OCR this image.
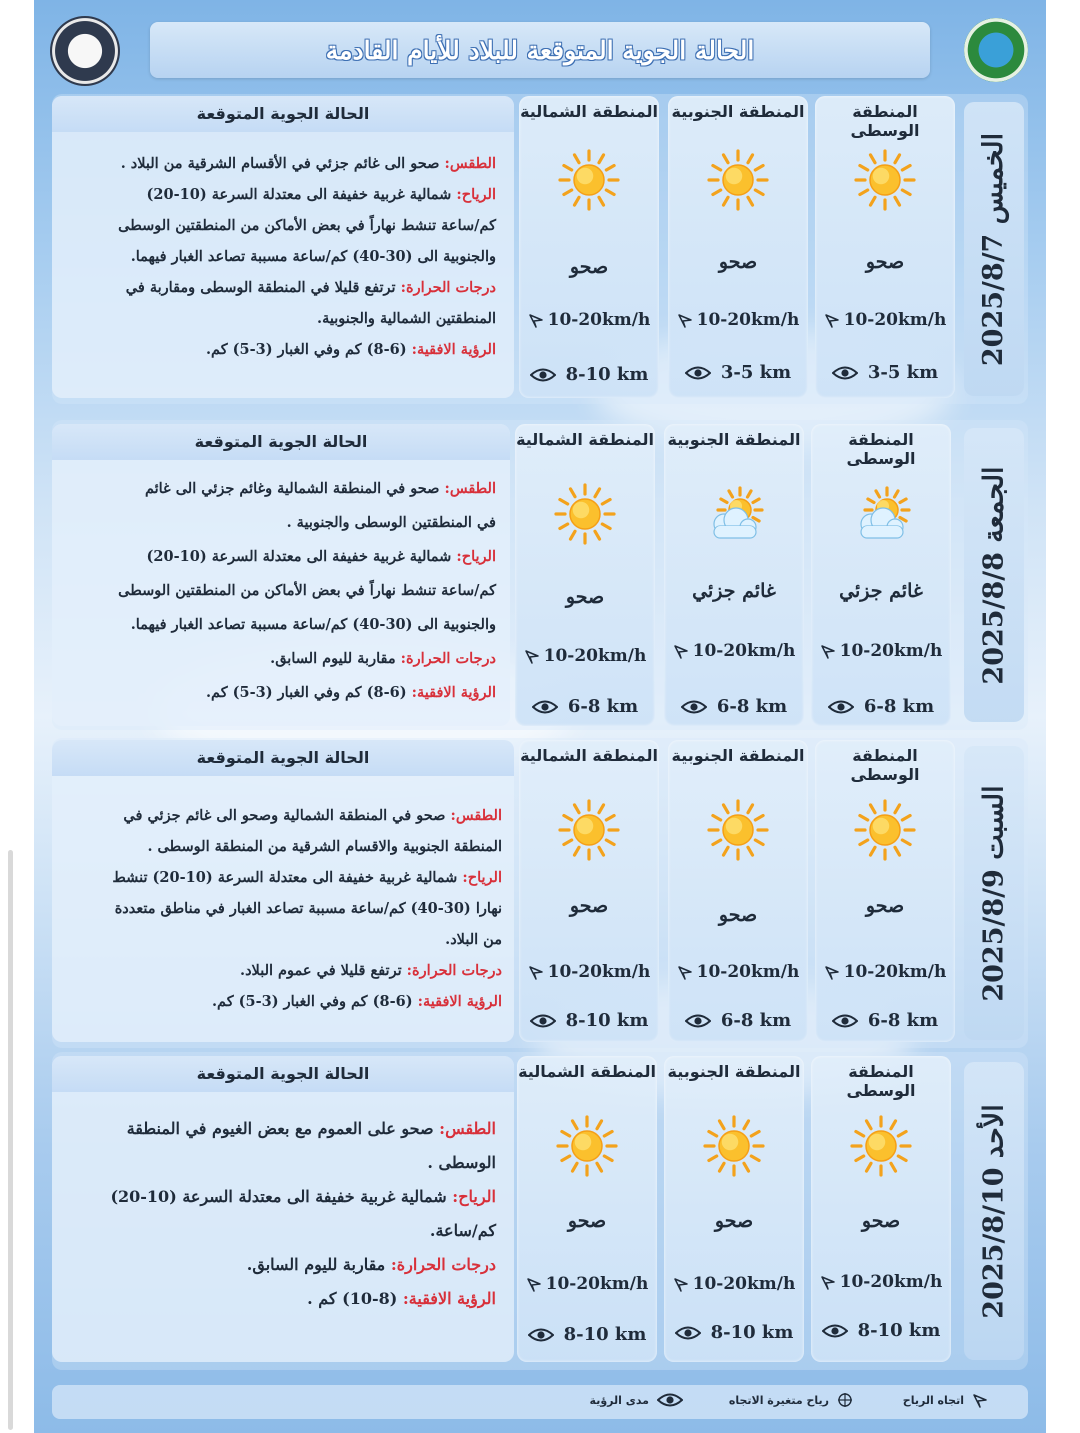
الحالة الجوية المتوقعة للبلاد للأيام القادمة
الخميس 2025/8/7
المنطقة الوسطى
صحو
10-20km/h
3-5 km
المنطقة الجنوبية
صحو
10-20km/h
3-5 km
المنطقة الشمالية
صحو
10-20km/h
8-10 km
الحالة الجوية المتوقعة
الطقس: صحو الى غائم جزئي في الأقسام الشرقية من البلاد .
الرياح: شمالية غربية خفيفة الى معتدلة السرعة (10-20)
كم/ساعة تنشط نهاراً في بعض الأماكن من المنطقتين الوسطى
والجنوبية الى (30-40) كم/ساعة مسببة تصاعد الغبار فيهما.
درجات الحرارة: ترتفع قليلا في المنطقة الوسطى ومقاربة في
المنطقتين الشمالية والجنوبية.
الرؤية الافقية: (6-8) كم وفي الغبار (3-5) كم.
الجمعة 2025/8/8
المنطقة الوسطى
غائم جزئي
10-20km/h
6-8 km
المنطقة الجنوبية
غائم جزئي
10-20km/h
6-8 km
المنطقة الشمالية
صحو
10-20km/h
6-8 km
الحالة الجوية المتوقعة
الطقس: صحو في المنطقة الشمالية وغائم جزئي الى غائم
في المنطقتين الوسطى والجنوبية .
الرياح: شمالية غربية خفيفة الى معتدلة السرعة (10-20)
كم/ساعة تنشط نهاراً في بعض الأماكن من المنطقتين الوسطى
والجنوبية الى (30-40) كم/ساعة مسببة تصاعد الغبار فيهما.
درجات الحرارة: مقاربة لليوم السابق.
الرؤية الافقية: (6-8) كم وفي الغبار (3-5) كم.
السبت 2025/8/9
المنطقة الوسطى
صحو
10-20km/h
6-8 km
المنطقة الجنوبية
صحو
10-20km/h
6-8 km
المنطقة الشمالية
صحو
10-20km/h
8-10 km
الحالة الجوية المتوقعة
الطقس: صحو في المنطقة الشمالية وصحو الى غائم جزئي في
المنطقة الجنوبية والاقسام الشرقية من المنطقة الوسطى .
الرياح: شمالية غربية خفيفة الى معتدلة السرعة (10-20) تنشط
نهارا (30-40) كم/ساعة مسببة تصاعد الغبار في مناطق متعددة
من البلاد.
درجات الحرارة: ترتفع قليلا في عموم البلاد.
الرؤية الافقية: (6-8) كم وفي الغبار (3-5) كم.
الأحد 2025/8/10
المنطقة الوسطى
صحو
10-20km/h
8-10 km
المنطقة الجنوبية
صحو
10-20km/h
8-10 km
المنطقة الشمالية
صحو
10-20km/h
8-10 km
الحالة الجوية المتوقعة
الطقس: صحو على العموم مع بعض الغيوم في المنطقة
الوسطى .
الرياح: شمالية غربية خفيفة الى معتدلة السرعة (10-20)
كم/ساعة.
درجات الحرارة: مقاربة لليوم السابق.
الرؤية الافقية: (8-10) كم .
اتجاه الرياح
رياح متغيرة الاتجاه
مدى الرؤية
